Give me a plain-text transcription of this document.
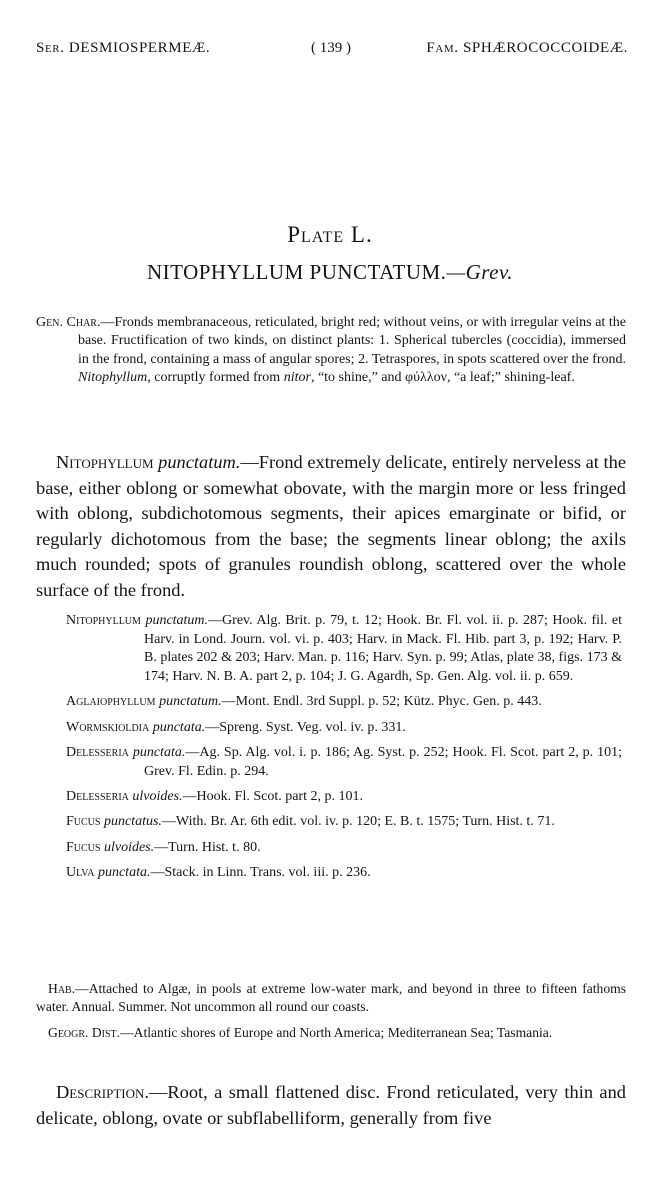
Ser. DESMIOSPERMEÆ.	( 139 )	Fam. SPHÆROCOCCOIDEÆ.
Plate L.
NITOPHYLLUM PUNCTATUM.—Grev.

Gen. Char.—Fronds membranaceous, reticulated, bright red; without veins, or with irregular veins at the base. Fructification of two kinds, on distinct plants: 1. Spherical tubercles (coccidia), immersed in the frond, containing a mass of angular spores; 2. Tetraspores, in spots scattered over the frond. Nitophyllum, corruptly formed from nitor, “to shine,” and φύλλον, “a leaf;” shining-leaf.

Nitophyllum punctatum.—Frond extremely delicate, entirely nerveless at the base, either oblong or somewhat obovate, with the margin more or less fringed with oblong, subdichotomous segments, their apices emarginate or bifid, or regularly dichotomous from the base; the segments linear oblong; the axils much rounded; spots of granules roundish oblong, scattered over the whole surface of the frond.

Nitophyllum punctatum.—Grev. Alg. Brit. p. 79, t. 12; Hook. Br. Fl. vol. ii. p. 287; Hook. fil. et Harv. in Lond. Journ. vol. vi. p. 403; Harv. in Mack. Fl. Hib. part 3, p. 192; Harv. P. B. plates 202 & 203; Harv. Man. p. 116; Harv. Syn. p. 99; Atlas, plate 38, figs. 173 & 174; Harv. N. B. A. part 2, p. 104; J. G. Agardh, Sp. Gen. Alg. vol. ii. p. 659.

Aglaiophyllum punctatum.—Mont. Endl. 3rd Suppl. p. 52; Kütz. Phyc. Gen. p. 443.

Wormskioldia punctata.—Spreng. Syst. Veg. vol. iv. p. 331.

Delesseria punctata.—Ag. Sp. Alg. vol. i. p. 186; Ag. Syst. p. 252; Hook. Fl. Scot. part 2, p. 101; Grev. Fl. Edin. p. 294.

Delesseria ulvoides.—Hook. Fl. Scot. part 2, p. 101.

Fucus punctatus.—With. Br. Ar. 6th edit. vol. iv. p. 120; E. B. t. 1575; Turn. Hist. t. 71.

Fucus ulvoides.—Turn. Hist. t. 80.

Ulva punctata.—Stack. in Linn. Trans. vol. iii. p. 236.

Hab.—Attached to Algæ, in pools at extreme low-water mark, and beyond in three to fifteen fathoms water. Annual. Summer. Not uncommon all round our coasts.

Geogr. Dist.—Atlantic shores of Europe and North America; Mediterranean Sea; Tasmania.

Description.—Root, a small flattened disc. Frond reticulated, very thin and delicate, oblong, ovate or subflabelliform, generally from five
